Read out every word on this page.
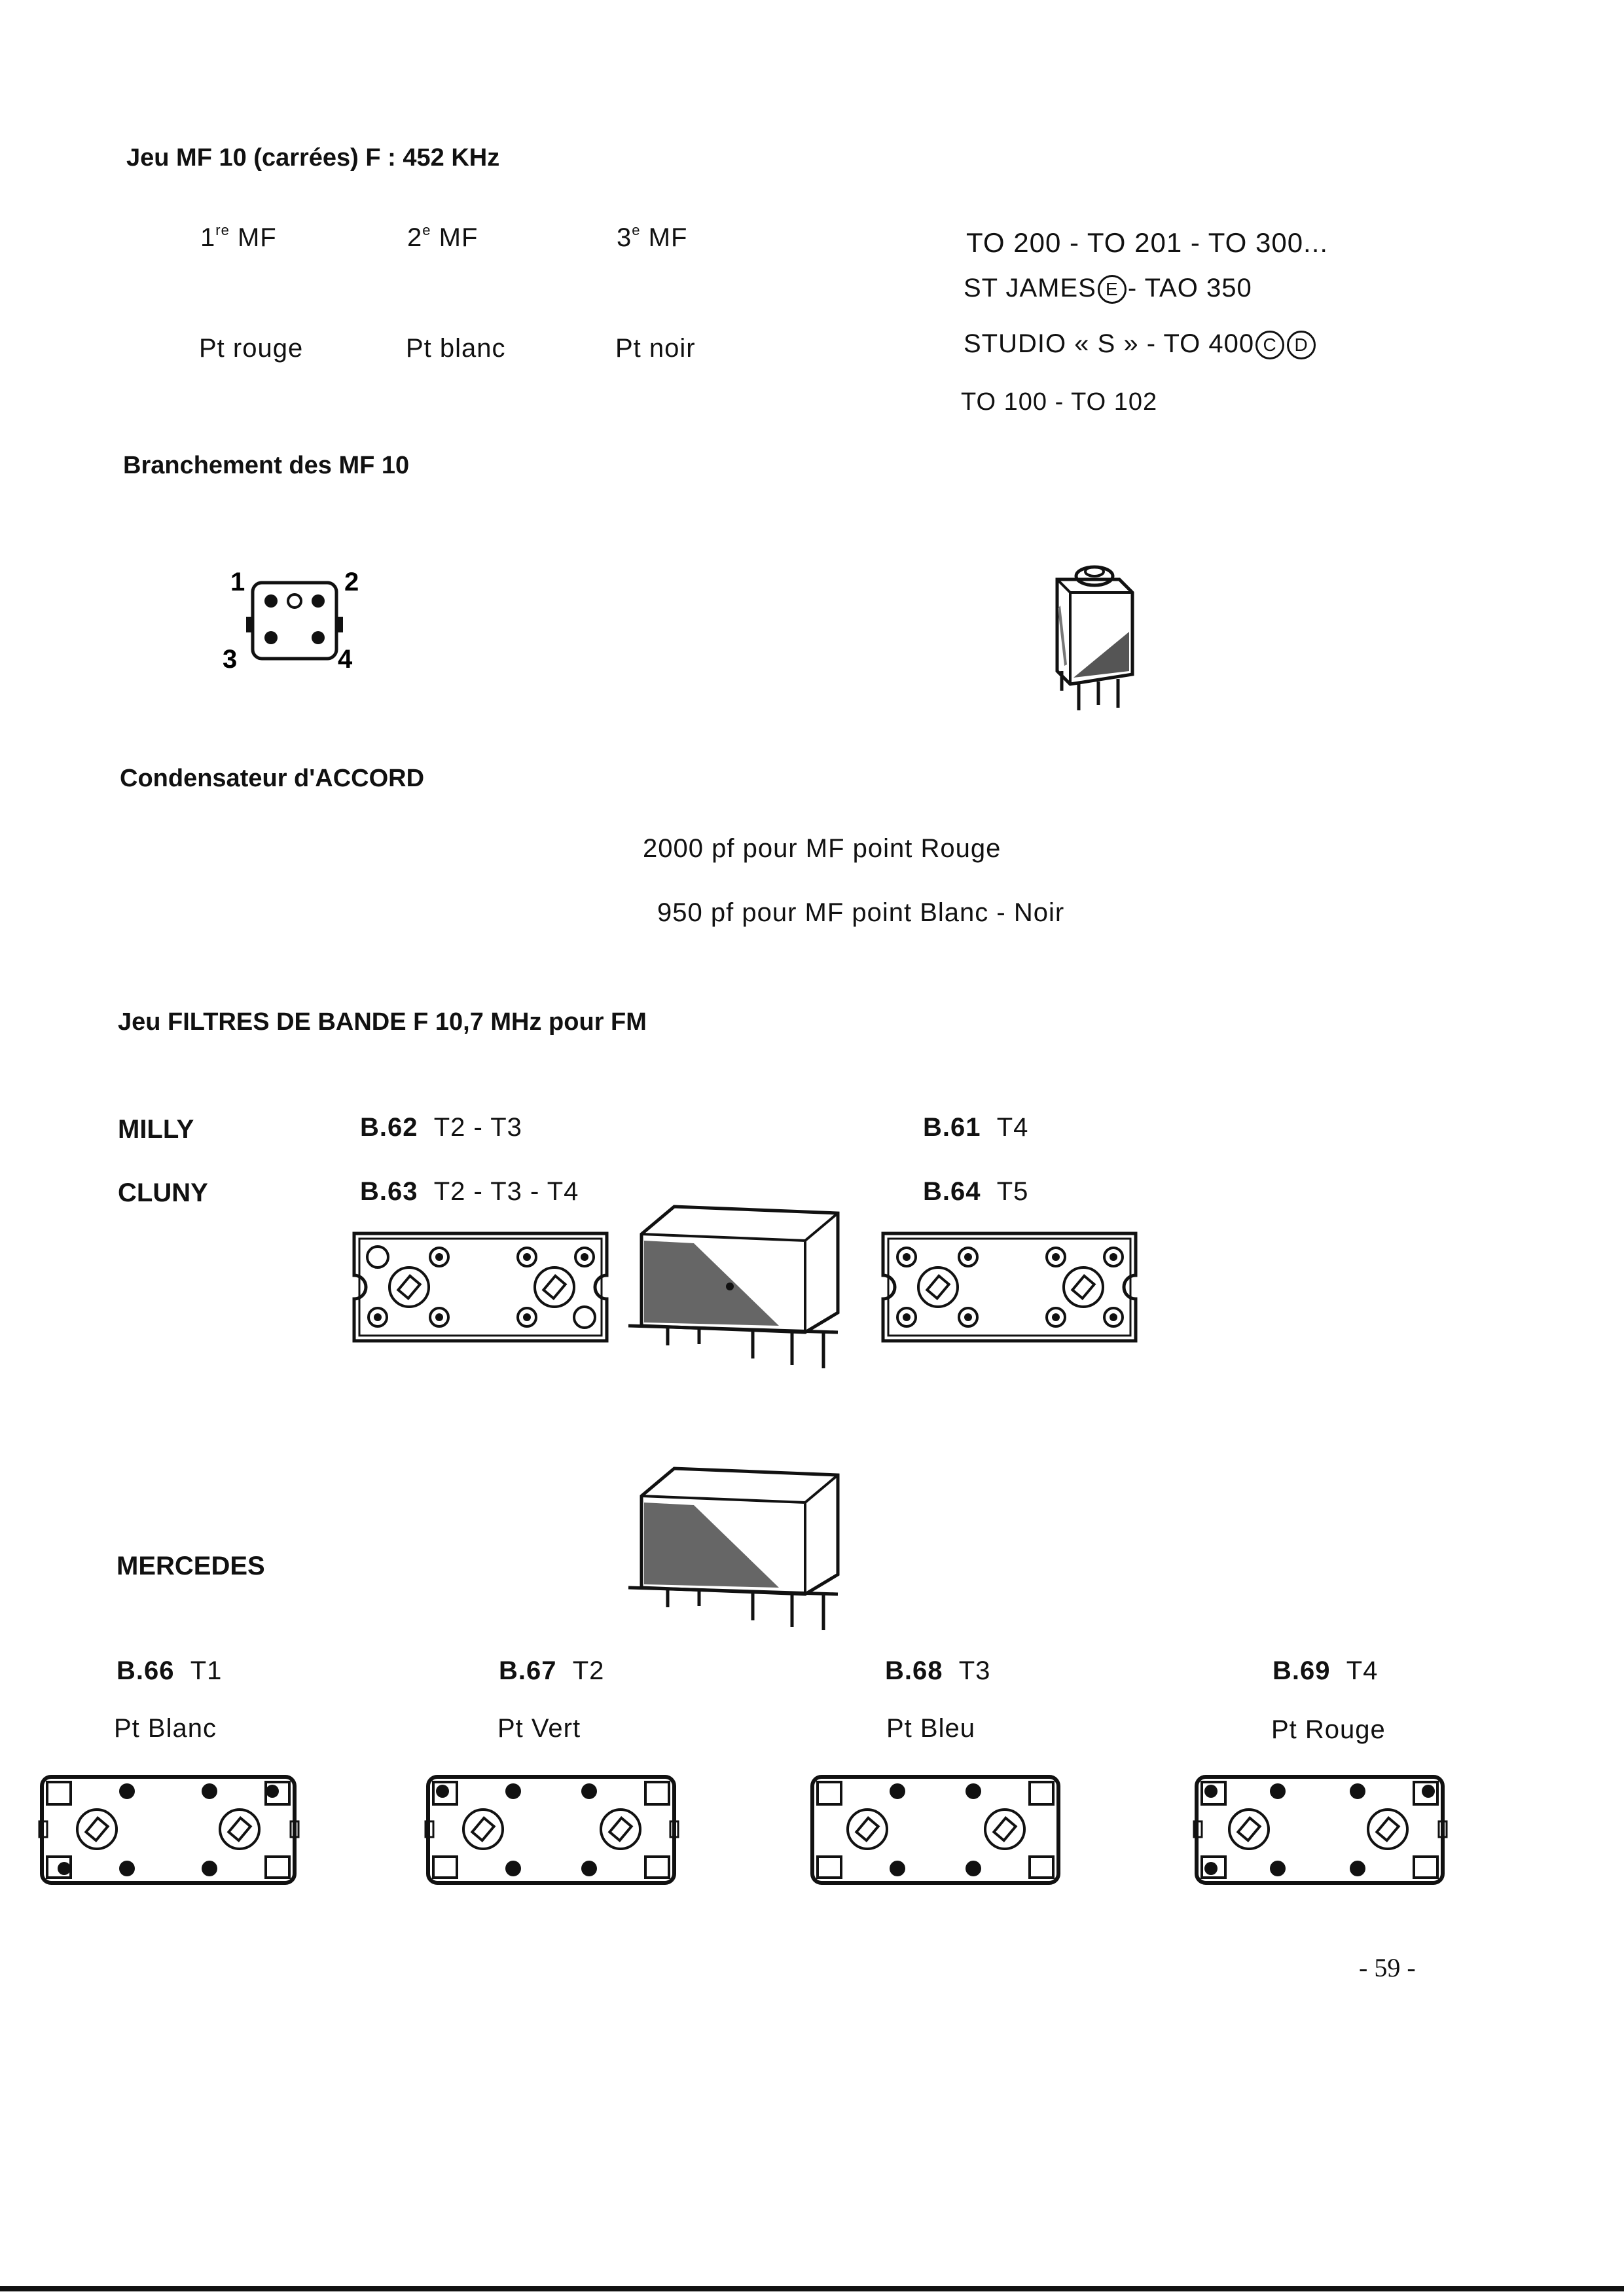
Jeu MF 10 (carrées) F : 452 KHz
1re MF	2e MF	3e MF
Pt rouge	Pt blanc	Pt noir
TO 200 - TO 201 - TO 300...
ST JAMES E - TAO 350
STUDIO « S » - TO 400 C D
TO 100 - TO 102
Branchement des MF 10
1	2
3	4
Condensateur d'ACCORD
2000 pf pour MF point Rouge
950 pf pour MF point Blanc - Noir
Jeu FILTRES DE BANDE F 10,7 MHz pour FM
MILLY	B.62 T2 - T3	B.61 T4
CLUNY	B.63 T2 - T3 - T4	B.64 T5
MERCEDES
B.66 T1	B.67 T2	B.68 T3	B.69 T4
Pt Blanc	Pt Vert	Pt Bleu	Pt Rouge
- 59 -
